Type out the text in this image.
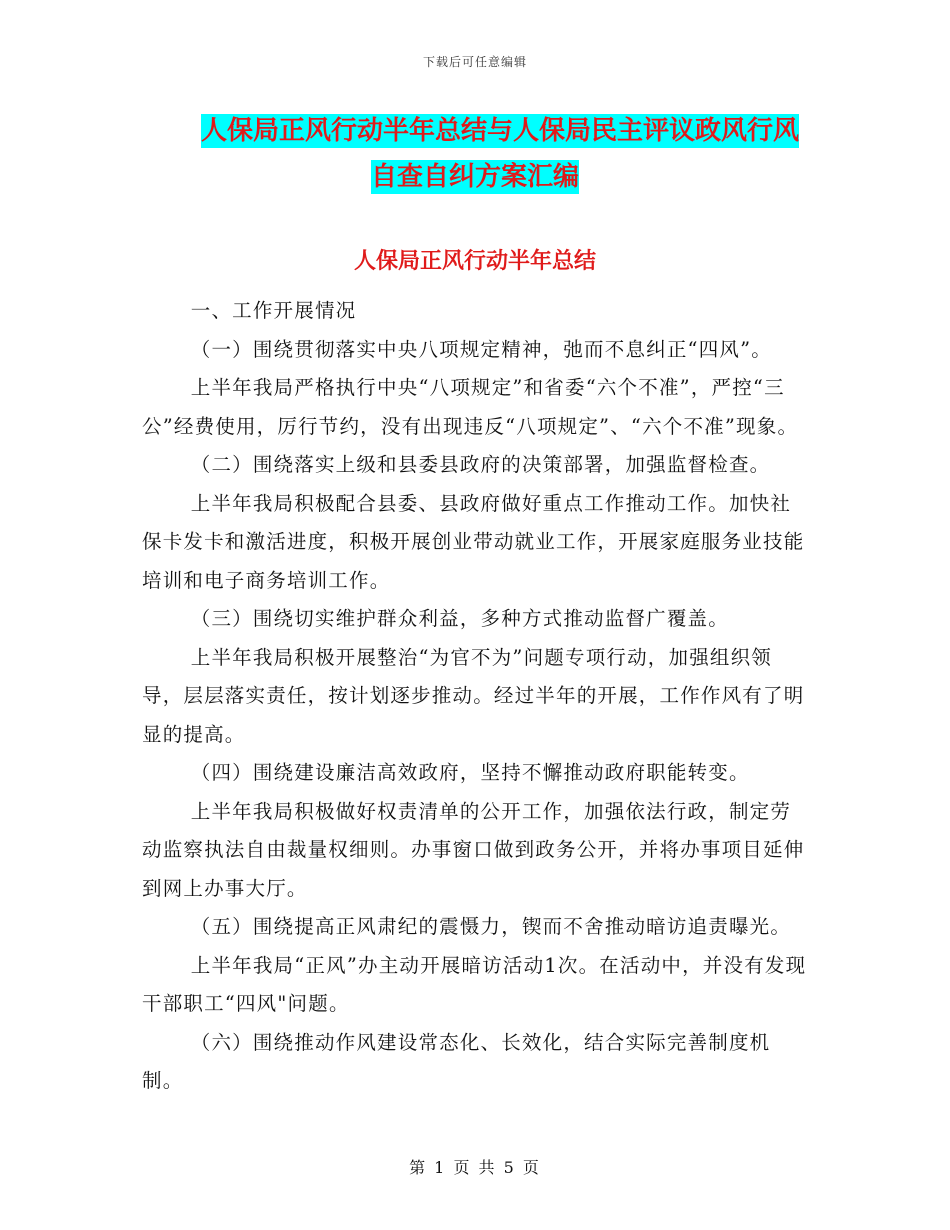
下载后可任意编辑
人保局正风行动半年总结与人保局民主评议政风行风
自查自纠方案汇编
人保局正风行动半年总结

一、工作开展情况

（一）围绕贯彻落实中央八项规定精神，弛而不息纠正“四风”。

上半年我局严格执行中央“八项规定”和省委“六个不准”，严控“三公”经费使用，厉行节约，没有出现违反“八项规定”、“六个不准”现象。

（二）围绕落实上级和县委县政府的决策部署，加强监督检查。

上半年我局积极配合县委、县政府做好重点工作推动工作。加快社保卡发卡和激活进度，积极开展创业带动就业工作，开展家庭服务业技能培训和电子商务培训工作。

（三）围绕切实维护群众利益，多种方式推动监督广覆盖。

上半年我局积极开展整治“为官不为”问题专项行动，加强组织领导，层层落实责任，按计划逐步推动。经过半年的开展，工作作风有了明显的提高。

（四）围绕建设廉洁高效政府，坚持不懈推动政府职能转变。

上半年我局积极做好权责清单的公开工作，加强依法行政，制定劳动监察执法自由裁量权细则。办事窗口做到政务公开，并将办事项目延伸到网上办事大厅。

（五）围绕提高正风肃纪的震慑力，锲而不舍推动暗访追责曝光。

上半年我局“正风”办主动开展暗访活动1次。在活动中，并没有发现干部职工“四风"问题。

（六）围绕推动作风建设常态化、长效化，结合实际完善制度机制。

第 1 页 共 5 页
